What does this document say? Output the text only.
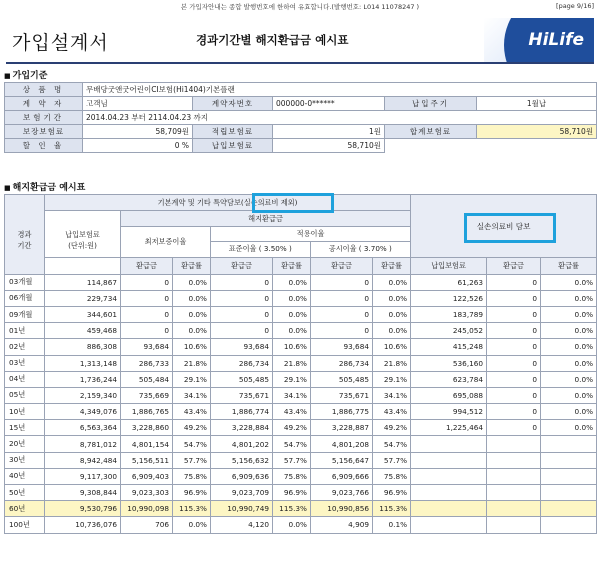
본 가입자안내는 종합 발행번호에 한하여 유효합니다.(발행번호: L014 11078247 )	[page 9/16]
가입설계서	경과기간별 해지환급금 예시표	HiLife
■ 가입기준
상 품 명	무배당굿앤굿어린이CI보험(Hi1404)기본플랜				
계 약 자	고객님	계약자번호	000000-0******	납입주기	1월납
보험기간	2014.04.23 부터 2114.04.23 까지				
보장보험료	58,709원	적립보험료	1원	합계보험료	58,710원
할 인 율	0 %	납입보험료	58,710원		
■ 해지환급금 예시표

경과
기간	기본계약 및 기타 특약담보(실손의료비 제외)							실손의료비 담보		

납입보험료
(단위:원)	해지환급금								
		최저보증이율		적용이율
표준이율 ( 3.50% ) 공시이율 ( 3.70% )						

		환급금	환급률	환급금	환급률	환급금	환급률	납입보험료	환급금	환급률
03개월	114,867	0	0.0%	0	0.0%	0	0.0%	61,263	0	0.0%
06개월	229,734	0	0.0%	0	0.0%	0	0.0%	122,526	0	0.0%
09개월	344,601	0	0.0%	0	0.0%	0	0.0%	183,789	0	0.0%
01년	459,468	0	0.0%	0	0.0%	0	0.0%	245,052	0	0.0%
02년	886,308	93,684	10.6%	93,684	10.6%	93,684	10.6%	415,248	0	0.0%
03년	1,313,148	286,733	21.8%	286,734	21.8%	286,734	21.8%	536,160	0	0.0%
04년	1,736,244	505,484	29.1%	505,485	29.1%	505,485	29.1%	623,784	0	0.0%
05년	2,159,340	735,669	34.1%	735,671	34.1%	735,671	34.1%	695,088	0	0.0%
10년	4,349,076	1,886,765	43.4%	1,886,774	43.4%	1,886,775	43.4%	994,512	0	0.0%
15년	6,563,364	3,228,860	49.2%	3,228,884	49.2%	3,228,887	49.2%	1,225,464	0	0.0%
20년	8,781,012	4,801,154	54.7%	4,801,202	54.7%	4,801,208	54.7%			
30년	8,942,484	5,156,511	57.7%	5,156,632	57.7%	5,156,647	57.7%			
40년	9,117,300	6,909,403	75.8%	6,909,636	75.8%	6,909,666	75.8%			
50년	9,308,844	9,023,303	96.9%	9,023,709	96.9%	9,023,766	96.9%			
60년	9,530,796	10,990,098	115.3%	10,990,749	115.3%	10,990,856	115.3%			
100년	10,736,076	706	0.0%	4,120	0.0%	4,909	0.1%			
